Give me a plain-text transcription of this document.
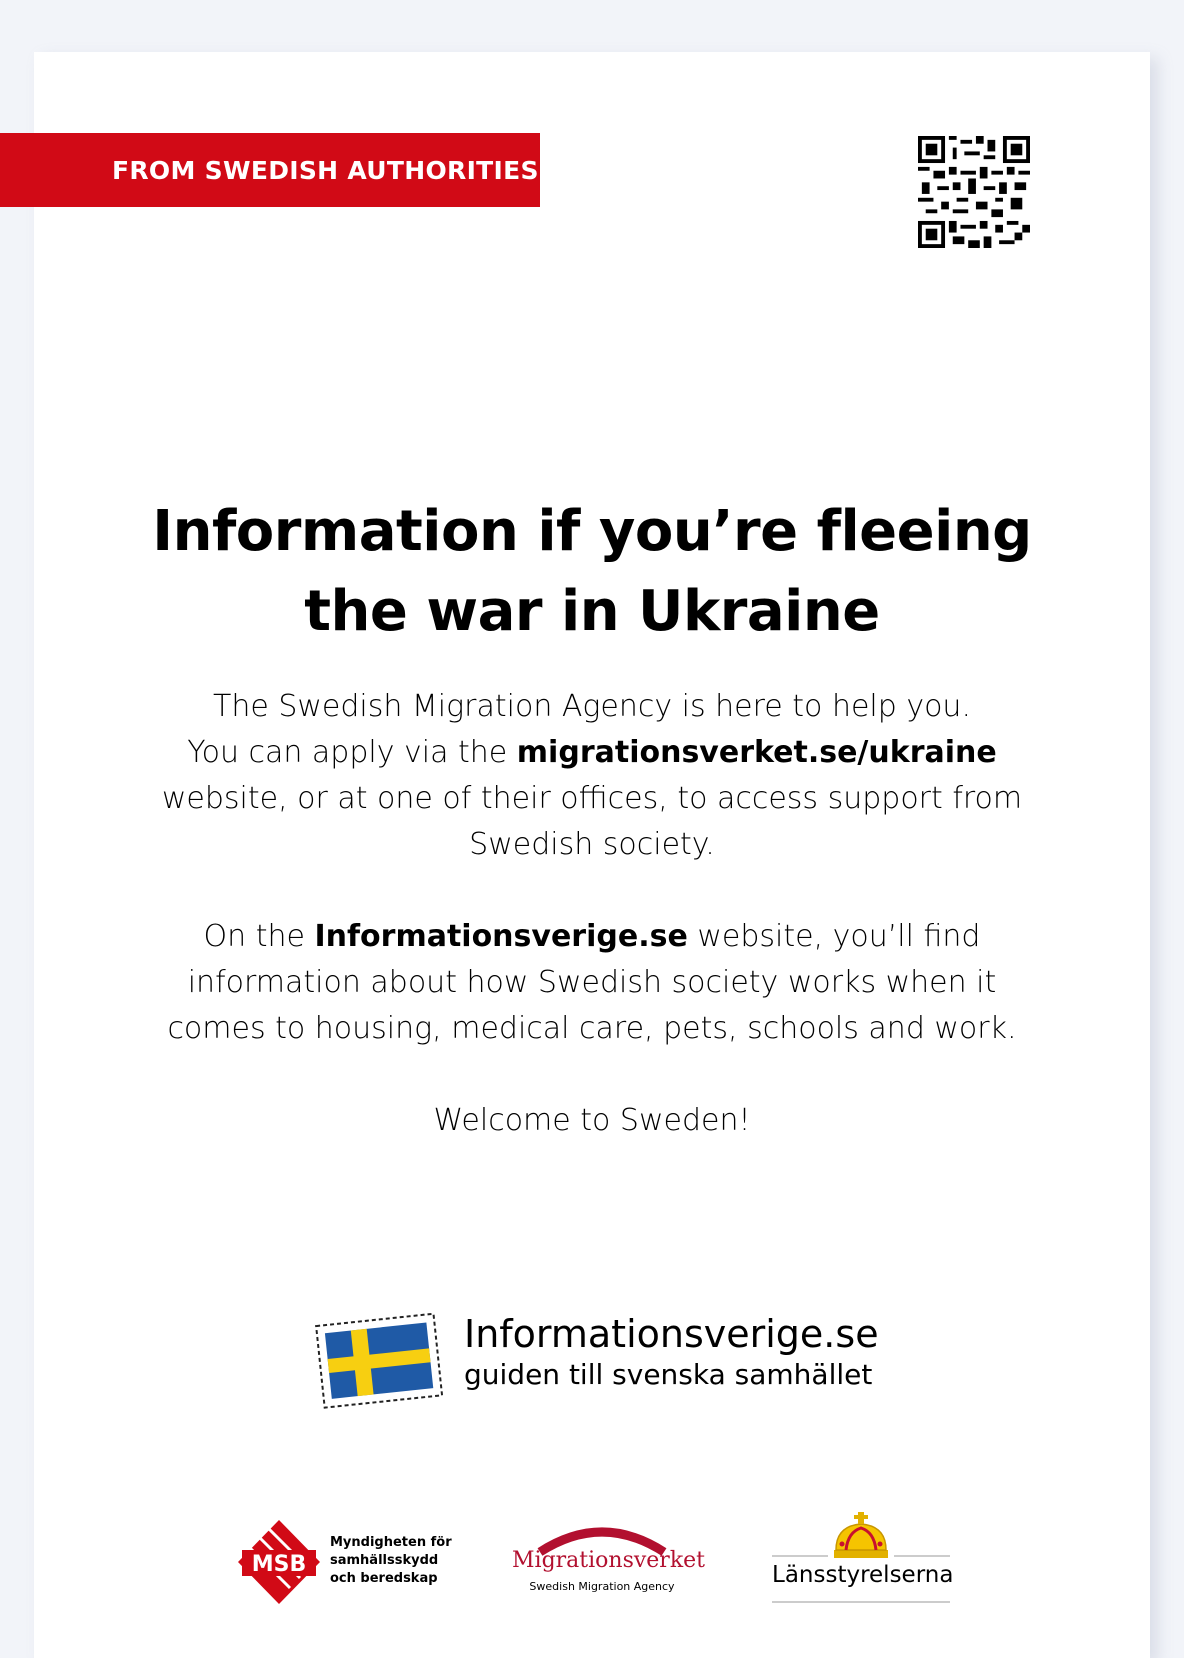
FROM SWEDISH AUTHORITIES
Information if you’re fleeing
the war in Ukraine

The Swedish Migration Agency is here to help you.
You can apply via the migrationsverket.se/ukraine
website, or at one of their offices, to access support from
Swedish society.

On the Informationsverige.se website, you’ll find
information about how Swedish society works when it
comes to housing, medical care, pets, schools and work.

Welcome to Sweden!

Informationsverige.se
guiden till svenska samhället
MSB
Myndigheten för
samhällsskydd
och beredskap
Migrationsverket
Swedish Migration Agency	Länsstyrelserna
